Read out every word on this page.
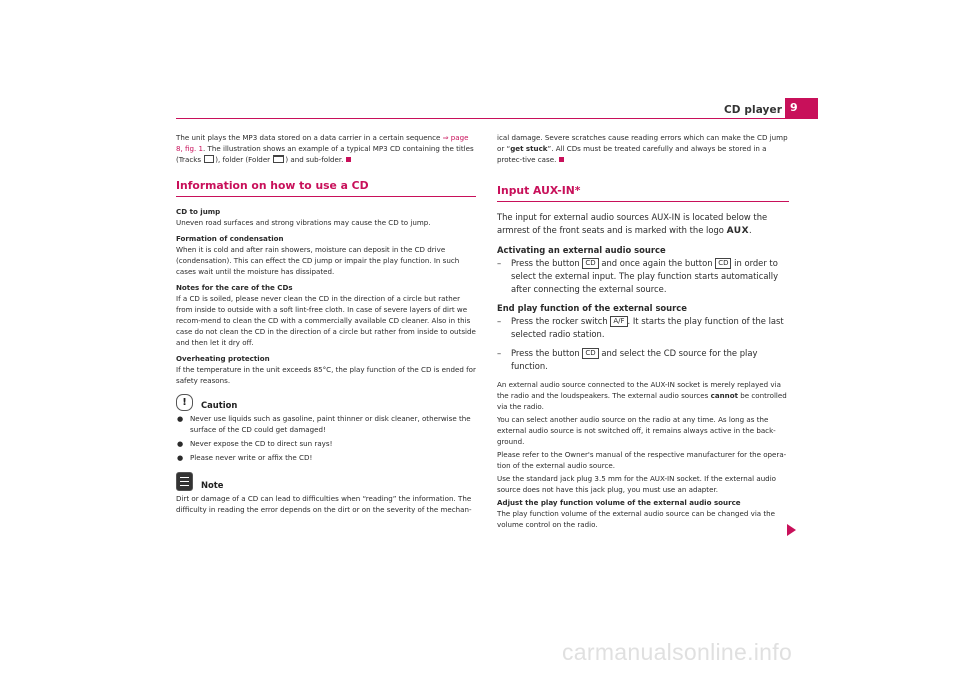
CD player 9

The unit plays the MP3 data stored on a data carrier in a certain sequence ⇒ page 8, fig. 1. The illustration shows an example of a typical MP3 CD containing the titles (Tracks ), folder (Folder ) and sub-folder.

Information on how to use a CD

CD to jump

Uneven road surfaces and strong vibrations may cause the CD to jump.

Formation of condensation

When it is cold and after rain showers, moisture can deposit in the CD drive (condensation). This can effect the CD jump or impair the play function. In such cases wait until the moisture has dissipated.

Notes for the care of the CDs

If a CD is soiled, please never clean the CD in the direction of a circle but rather from inside to outside with a soft lint-free cloth. In case of severe layers of dirt we recom-mend to clean the CD with a commercially available CD cleaner. Also in this case do not clean the CD in the direction of a circle but rather from inside to outside and then let it dry off.

Overheating protection

If the temperature in the unit exceeds 85°C, the play function of the CD is ended for safety reasons.

!	Caution

● Never use liquids such as gasoline, paint thinner or disk cleaner, otherwise the surface of the CD could get damaged!

● Never expose the CD to direct sun rays!

● Please never write or affix the CD!

Note

Dirt or damage of a CD can lead to difficulties when “reading” the information. The difficulty in reading the error depends on the dirt or on the severity of the mechan-

ical damage. Severe scratches cause reading errors which can make the CD jump or “get stuck”. All CDs must be treated carefully and always be stored in a protec-tive case.

Input AUX-IN*

The input for external audio sources AUX-IN is located below the armrest of the front seats and is marked with the logo AUX.

Activating an external audio source

– Press the button CD and once again the button CD in order to select the external input. The play function starts automatically after connecting the external source.

End play function of the external source

– Press the rocker switch A/F . It starts the play function of the last selected radio station.

– Press the button CD and select the CD source for the play function.

An external audio source connected to the AUX-IN socket is merely replayed via the radio and the loudspeakers. The external audio sources cannot be controlled via the radio.

You can select another audio source on the radio at any time. As long as the external audio source is not switched off, it remains always active in the back-ground.

Please refer to the Owner's manual of the respective manufacturer for the opera-tion of the external audio source.

Use the standard jack plug 3.5 mm for the AUX-IN socket. If the external audio source does not have this jack plug, you must use an adapter.

Adjust the play function volume of the external audio source

The play function volume of the external audio source can be changed via the volume control on the radio.

carmanualsonline.info
